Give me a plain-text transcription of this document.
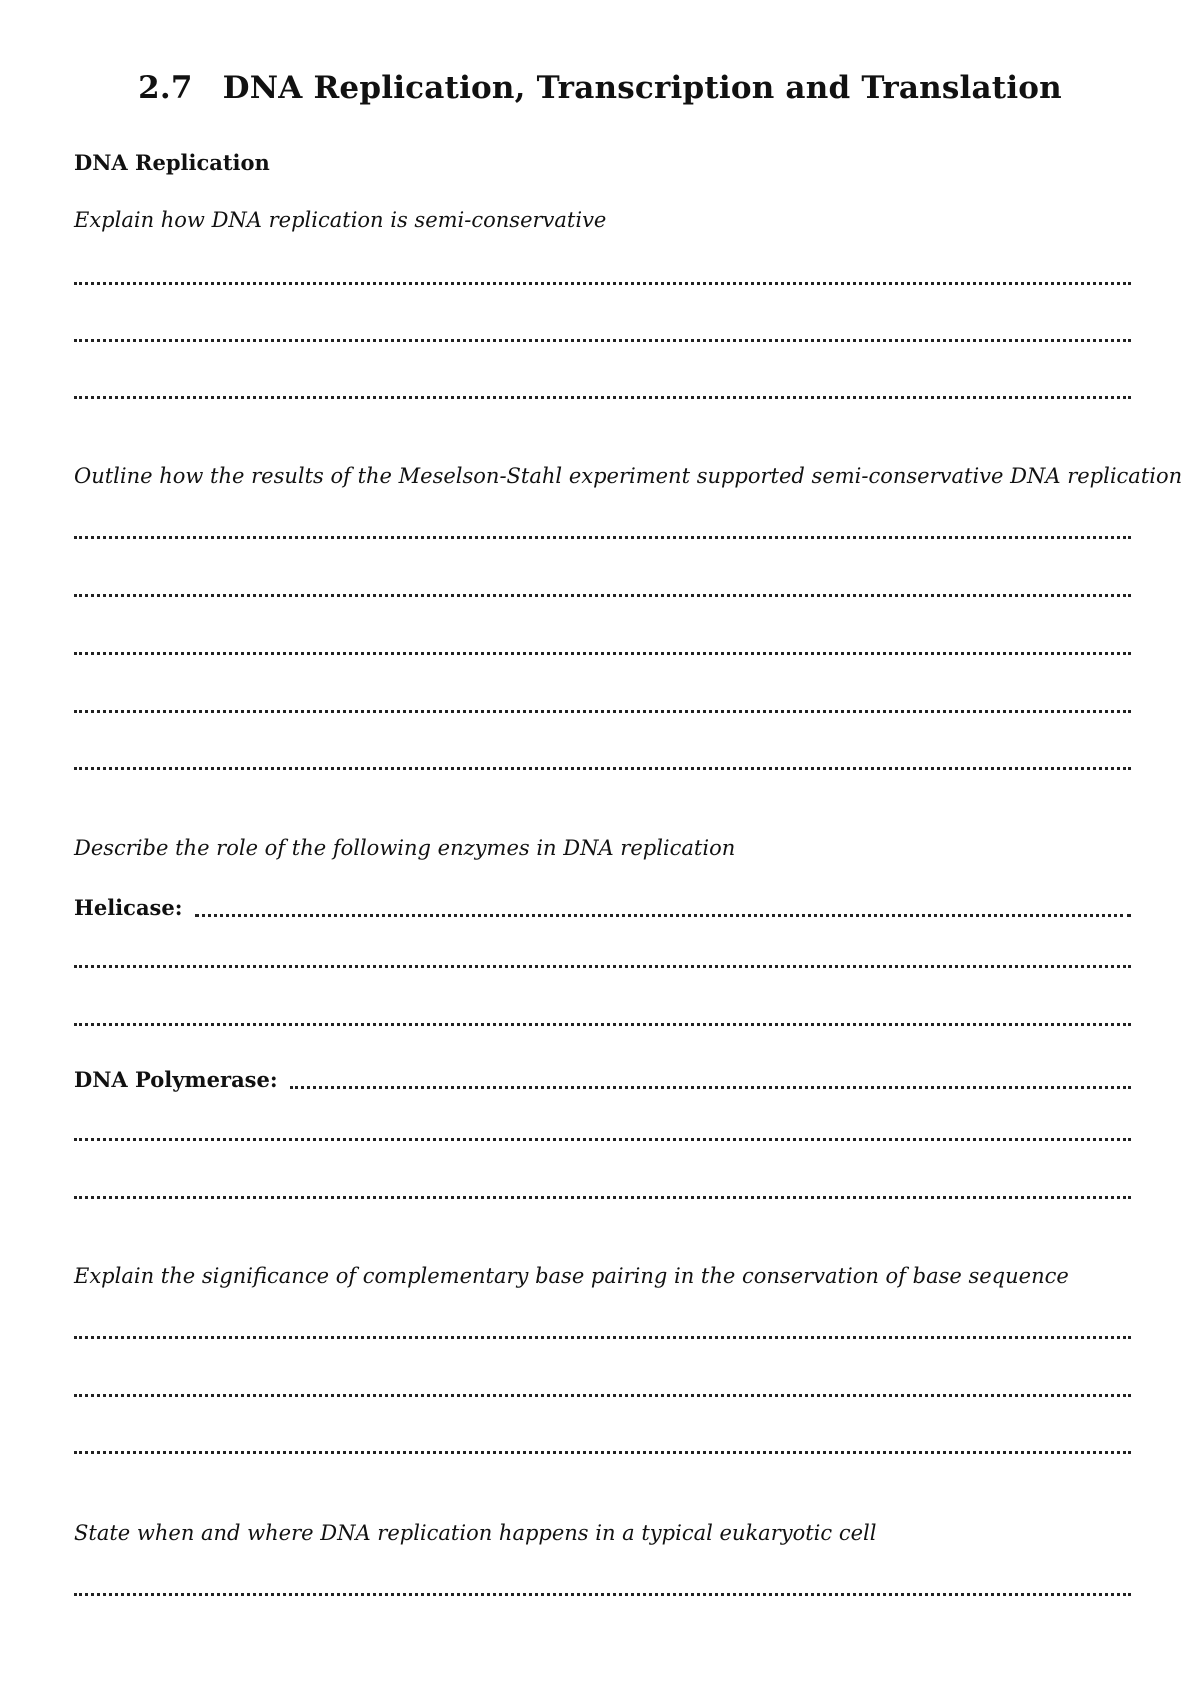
2.7 DNA Replication, Transcription and Translation
DNA Replication
Explain how DNA replication is semi-conservative
Outline how the results of the Meselson-Stahl experiment supported semi-conservative DNA replication
Describe the role of the following enzymes in DNA replication
Helicase:
DNA Polymerase:
Explain the significance of complementary base pairing in the conservation of base sequence
State when and where DNA replication happens in a typical eukaryotic cell
